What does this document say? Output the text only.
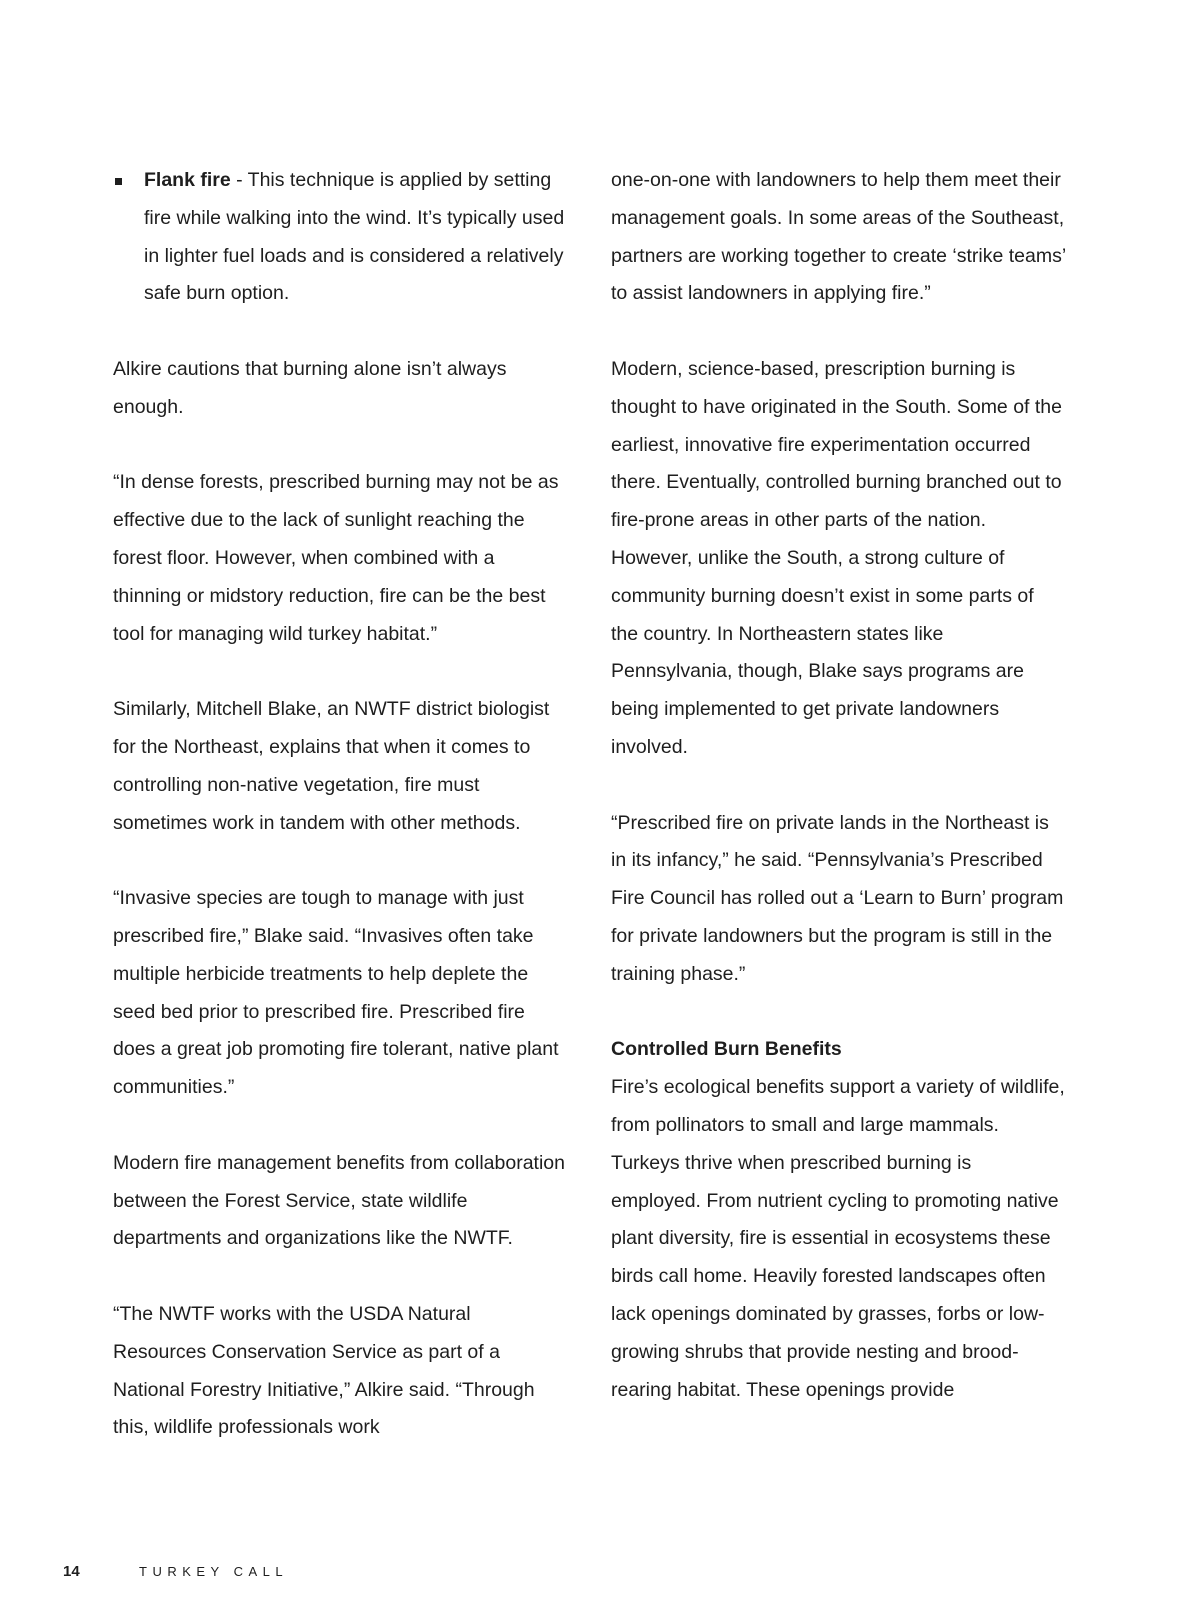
Flank fire - This technique is applied by setting fire while walking into the wind. It’s typically used in lighter fuel loads and is considered a relatively safe burn option.

Alkire cautions that burning alone isn’t always enough.

“In dense forests, prescribed burning may not be as effective due to the lack of sunlight reaching the forest floor. However, when combined with a thinning or midstory reduction, fire can be the best tool for managing wild turkey habitat.”

Similarly, Mitchell Blake, an NWTF district biologist for the Northeast, explains that when it comes to controlling non-native vegetation, fire must sometimes work in tandem with other methods.

“Invasive species are tough to manage with just prescribed fire,” Blake said. “Invasives often take multiple herbicide treatments to help deplete the seed bed prior to prescribed fire. Prescribed fire does a great job promoting fire tolerant, native plant communities.”

Modern fire management benefits from collaboration between the Forest Service, state wildlife departments and organizations like the NWTF.

“The NWTF works with the USDA Natural Resources Conservation Service as part of a National Forestry Initiative,” Alkire said. “Through this, wildlife professionals work

one-on-one with landowners to help them meet their management goals. In some areas of the Southeast, partners are working together to create ‘strike teams’ to assist landowners in applying fire.”

Modern, science-based, prescription burning is thought to have originated in the South. Some of the earliest, innovative fire experimentation occurred there. Eventually, controlled burning branched out to fire-prone areas in other parts of the nation. However, unlike the South, a strong culture of community burning doesn’t exist in some parts of the country. In Northeastern states like Pennsylvania, though, Blake says programs are being implemented to get private landowners involved.

“Prescribed fire on private lands in the Northeast is in its infancy,” he said. “Pennsylvania’s Prescribed Fire Council has rolled out a ‘Learn to Burn’ program for private landowners but the program is still in the training phase.”

Controlled Burn Benefits

Fire’s ecological benefits support a variety of wildlife, from pollinators to small and large mammals. Turkeys thrive when prescribed burning is employed. From nutrient cycling to promoting native plant diversity, fire is essential in ecosystems these birds call home. Heavily forested landscapes often lack openings dominated by grasses, forbs or low-growing shrubs that provide nesting and brood-rearing habitat. These openings provide

14	TURKEY CALL
